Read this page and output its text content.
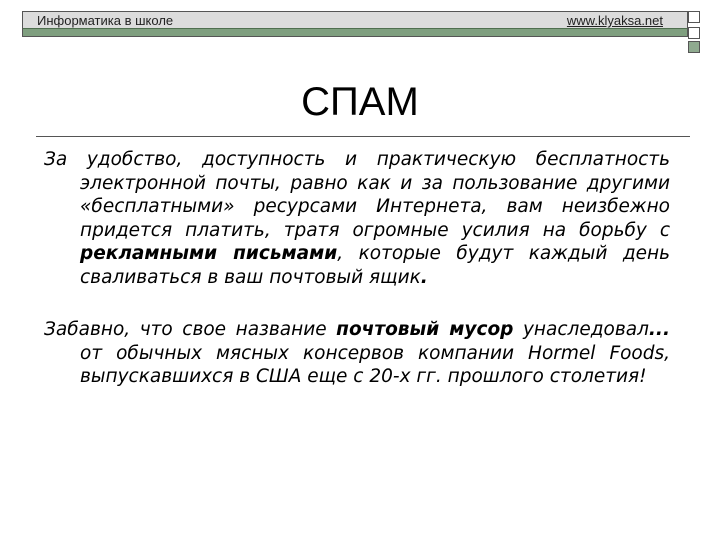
Информатика в школе	www.klyaksa.net
СПАМ
За удобство, доступность и практическую бесплатность электронной почты, равно как и за пользование другими «бесплатными» ресурсами Интернета, вам неизбежно придется платить, тратя огромные усилия на борьбу с рекламными письмами, которые будут каждый день сваливаться в ваш почтовый ящик.
Забавно, что свое название почтовый мусор унаследовал... от обычных мясных консервов компании Hormel Foods, выпускавшихся в США еще с 20-х гг. прошлого столетия!
